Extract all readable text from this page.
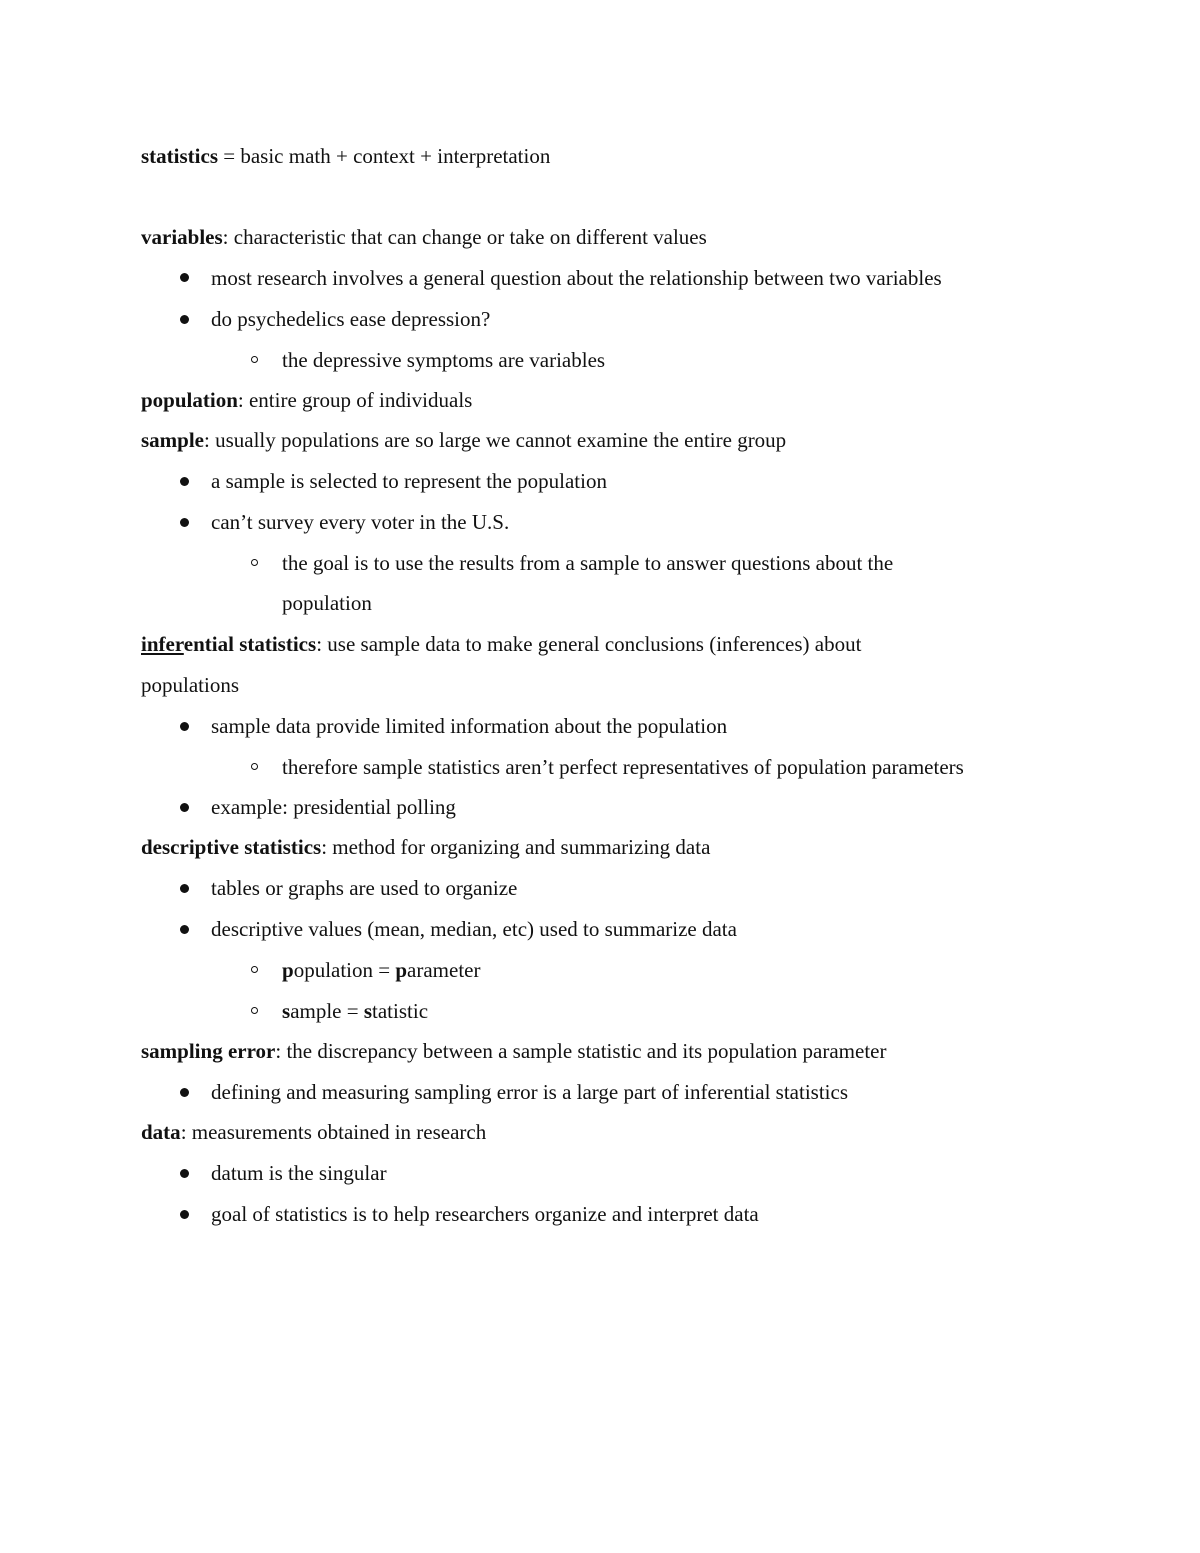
statistics = basic math + context + interpretation
variables: characteristic that can change or take on different values
most research involves a general question about the relationship between two variables
do psychedelics ease depression?
the depressive symptoms are variables
population: entire group of individuals
sample: usually populations are so large we cannot examine the entire group
a sample is selected to represent the population
can’t survey every voter in the U.S.
the goal is to use the results from a sample to answer questions about the
population
inferential statistics: use sample data to make general conclusions (inferences) about
populations
sample data provide limited information about the population
therefore sample statistics aren’t perfect representatives of population parameters
example: presidential polling
descriptive statistics: method for organizing and summarizing data
tables or graphs are used to organize
descriptive values (mean, median, etc) used to summarize data
population = parameter
sample = statistic
sampling error: the discrepancy between a sample statistic and its population parameter
defining and measuring sampling error is a large part of inferential statistics
data: measurements obtained in research
datum is the singular
goal of statistics is to help researchers organize and interpret data
